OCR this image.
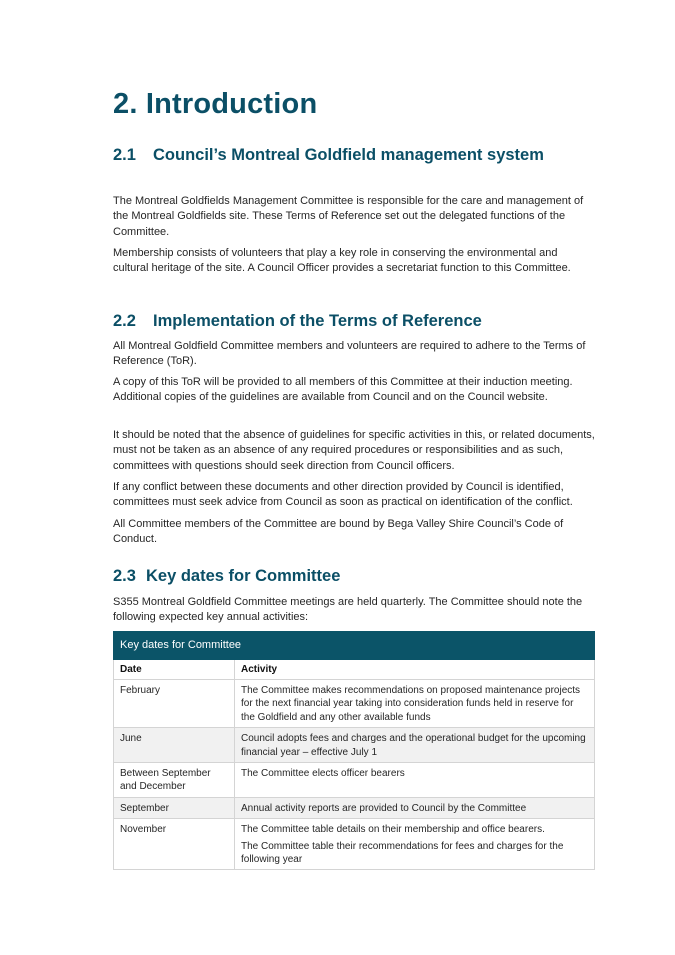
2. Introduction
2.1 Council’s Montreal Goldfield management system

The Montreal Goldfields Management Committee is responsible for the care and management of the Montreal Goldfields site. These Terms of Reference set out the delegated functions of the Committee.

Membership consists of volunteers that play a key role in conserving the environmental and cultural heritage of the site. A Council Officer provides a secretariat function to this Committee.

2.2 Implementation of the Terms of Reference

All Montreal Goldfield Committee members and volunteers are required to adhere to the Terms of Reference (ToR).

A copy of this ToR will be provided to all members of this Committee at their induction meeting. Additional copies of the guidelines are available from Council and on the Council website.

It should be noted that the absence of guidelines for specific activities in this, or related documents, must not be taken as an absence of any required procedures or responsibilities and as such, committees with questions should seek direction from Council officers.

If any conflict between these documents and other direction provided by Council is identified, committees must seek advice from Council as soon as practical on identification of the conflict.

All Committee members of the Committee are bound by Bega Valley Shire Council’s Code of Conduct.

2.3 Key dates for Committee

S355 Montreal Goldfield Committee meetings are held quarterly. The Committee should note the following expected key annual activities:

Key dates for Committee	
Date	Activity
February	The Committee makes recommendations on proposed maintenance projects for the next financial year taking into consideration funds held in reserve for the Goldfield and any other available funds
June	Council adopts fees and charges and the operational budget for the upcoming financial year – effective July 1
Between September and December	The Committee elects officer bearers
September	Annual activity reports are provided to Council by the Committee
November	The Committee table details on their membership and office bearers.
The Committee table their recommendations for fees and charges for the following year
